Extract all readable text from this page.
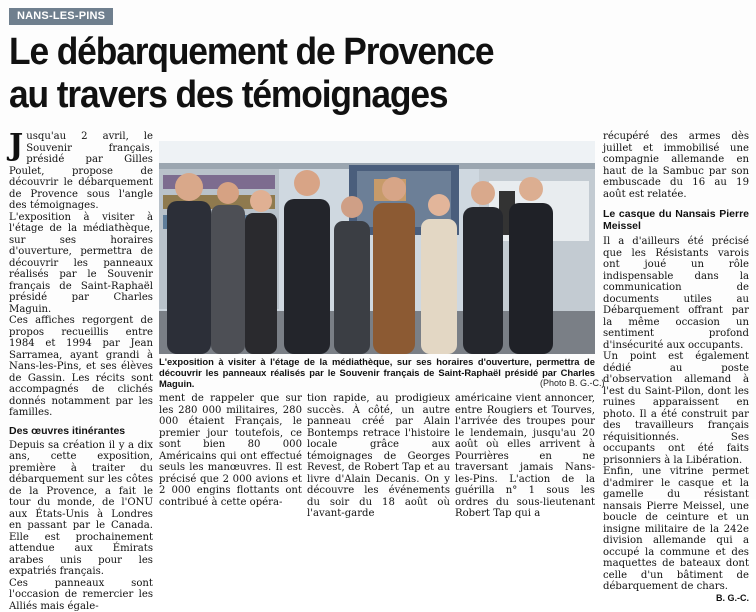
NANS-LES-PINS
Le débarquement de Provence
au travers des témoignages

Jusqu'au 2 avril, le Souvenir français, présidé par Gilles Poulet, propose de découvrir le débarquement de Provence sous l'angle des témoignages.

L'exposition à visiter à l'étage de la médiathèque, sur ses horaires d'ouverture, permettra de découvrir les panneaux réalisés par le Souvenir français de Saint-Raphaël présidé par Charles Maguin.

Ces affiches regorgent de propos recueillis entre 1984 et 1994 par Jean Sarramea, ayant grandi à Nans-les-Pins, et ses élèves de Gassin. Les récits sont accompagnés de clichés donnés notamment par les familles.

Des œuvres itinérantes

Depuis sa création il y a dix ans, cette exposition, première à traiter du débarquement sur les côtes de la Provence, a fait le tour du monde, de l'ONU aux États-Unis à Londres en passant par le Canada. Elle est prochainement attendue aux Émirats arabes unis pour les expatriés français.

Ces panneaux sont l'occasion de remercier les Alliés mais égale-

L'exposition à visiter à l'étage de la médiathèque, sur ses horaires d'ouverture, permettra de découvrir les panneaux réalisés par le Souvenir français de Saint-Raphaël présidé par Charles Maguin.	(Photo B. G.-C.)

ment de rappeler que sur les 280 000 militaires, 280 000 étaient Français, le premier jour toutefois, ce sont bien 80 000 Américains qui ont effectué seuls les manœuvres. Il est précisé que 2 000 avions et 2 000 engins flottants ont contribué à cette opéra-

tion rapide, au prodigieux succès. À côté, un autre panneau créé par Alain Bontemps retrace l'histoire locale grâce aux témoignages de Georges Revest, de Robert Tap et au livre d'Alain Decanis. On y découvre les événements du soir du 18 août où l'avant-garde

américaine vient annoncer, entre Rougiers et Tourves, l'arrivée des troupes pour le lendemain, jusqu'au 20 août où elles arrivent à Pourrières en ne traversant jamais Nans-les-Pins. L'action de la guérilla n° 1 sous les ordres du sous-lieutenant Robert Tap qui a

récupéré des armes dès juillet et immobilisé une compagnie allemande en haut de la Sambuc par son embuscade du 16 au 19 août est relatée.

Le casque du Nansais Pierre Meissel

Il a d'ailleurs été précisé que les Résistants varois ont joué un rôle indispensable dans la communication de documents utiles au Débarquement offrant par la même occasion un sentiment profond d'insécurité aux occupants.

Un point est également dédié au poste d'observation allemand à l'est du Saint-Pilon, dont les ruines apparaissent en photo. Il a été construit par des travailleurs français réquisitionnés. Ses occupants ont été faits prisonniers à la Libération.

Enfin, une vitrine permet d'admirer le casque et la gamelle du résistant nansais Pierre Meissel, une boucle de ceinture et un insigne militaire de la 242e division allemande qui a occupé la commune et des maquettes de bateaux dont celle d'un bâtiment de débarquement de chars.

B. G.-C.
